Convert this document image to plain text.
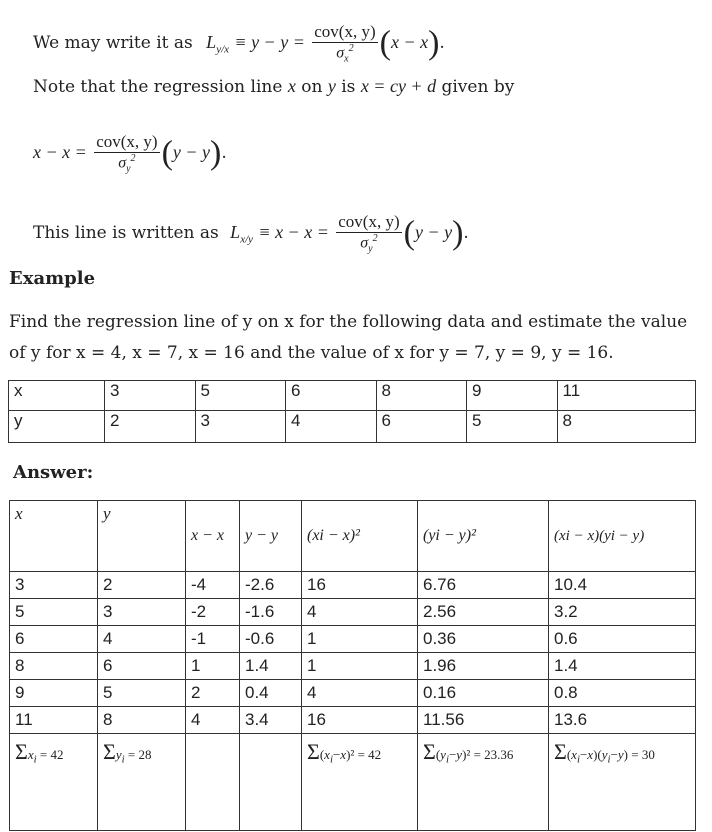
We may write it as $L_{y/x} \equiv y - y = \frac{\text{cov(x, y)}}{\sigma_x^2} (x - x)$.
Note that the regression line x on y is x = cy + d given by
$x - x = \frac{\text{cov(x, y)}}{\sigma_y^2} (y - y)$.
This line is written as $L_{x/y} \equiv x - x = \frac{\text{cov(x, y)}}{\sigma_y^2} (y - y)$.
Example
Find the regression line of y on x for the following data and estimate the value
of y for x = 4, x = 7, x = 16 and the value of x for y = 7, y = 9, y = 16.
x	3	5	6	8	9	11
y	2	3	4	6	5	8
Answer:
x	y	x − x	y − y	(xi − x)²	(yi − y)²	(xi − x)(yi − y)
3	2	-4	-2.6	16	6.76	10.4
5	3	-2	-1.6	4	2.56	3.2
6	4	-1	-0.6	1	0.36	0.6
8	6	1	1.4	1	1.96	1.4
9	5	2	0.4	4	0.16	0.8
11	8	4	3.4	16	11.56	13.6
$\Sigma x_i = 42$	$\Sigma y_i = 28$			$\Sigma(x_i-x)^2 = 42$	$\Sigma(y_i-y)^2 = 23.36$	$\Sigma(x_i-x)(y_i-y) = 30$
